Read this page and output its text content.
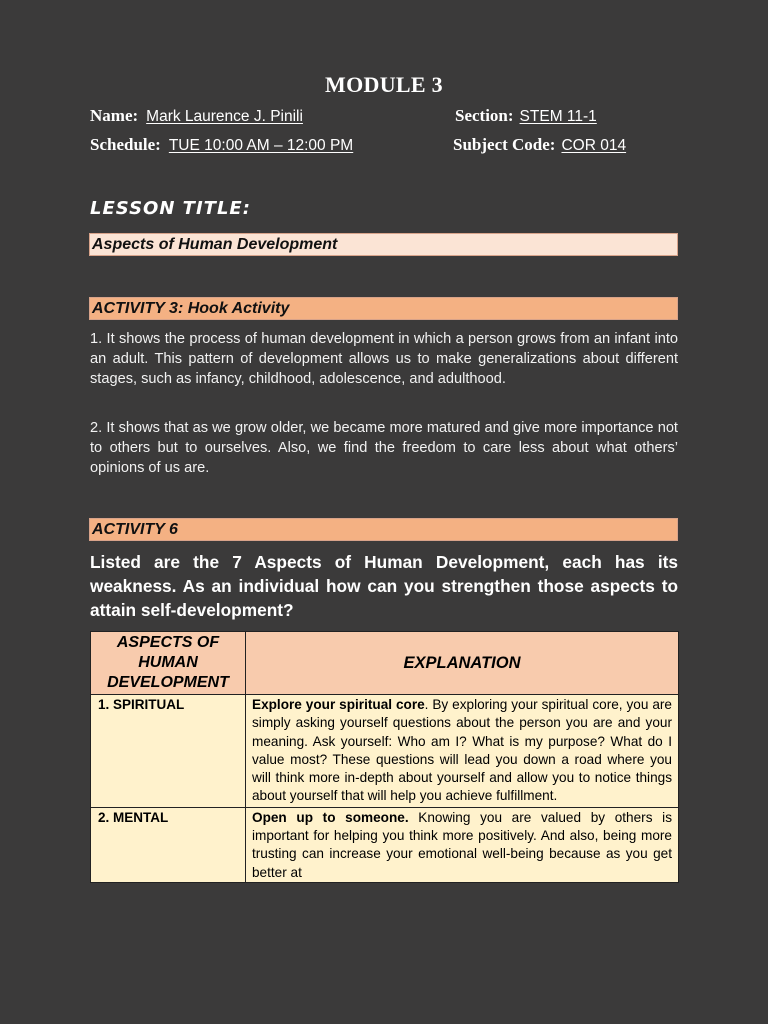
MODULE 3
Name: Mark Laurence J. Pinili	Section: STEM 11-1
Schedule: TUE 10:00 AM – 12:00 PM	Subject Code: COR 014
LESSON TITLE:
Aspects of Human Development
ACTIVITY 3: Hook Activity
1. It shows the process of human development in which a person grows from an infant into an adult. This pattern of development allows us to make generalizations about different stages, such as infancy, childhood, adolescence, and adulthood.
2. It shows that as we grow older, we became more matured and give more importance not to others but to ourselves. Also, we find the freedom to care less about what others’ opinions of us are.
ACTIVITY 6
Listed are the 7 Aspects of Human Development, each has its weakness. As an individual how can you strengthen those aspects to attain self-development?
ASPECTS OF HUMAN DEVELOPMENT	EXPLANATION
1. SPIRITUAL	Explore your spiritual core. By exploring your spiritual core, you are simply asking yourself questions about the person you are and your meaning. Ask yourself: Who am I? What is my purpose? What do I value most? These questions will lead you down a road where you will think more in-depth about yourself and allow you to notice things about yourself that will help you achieve fulfillment.
2. MENTAL	Open up to someone. Knowing you are valued by others is important for helping you think more positively. And also, being more trusting can increase your emotional well-being because as you get better at
